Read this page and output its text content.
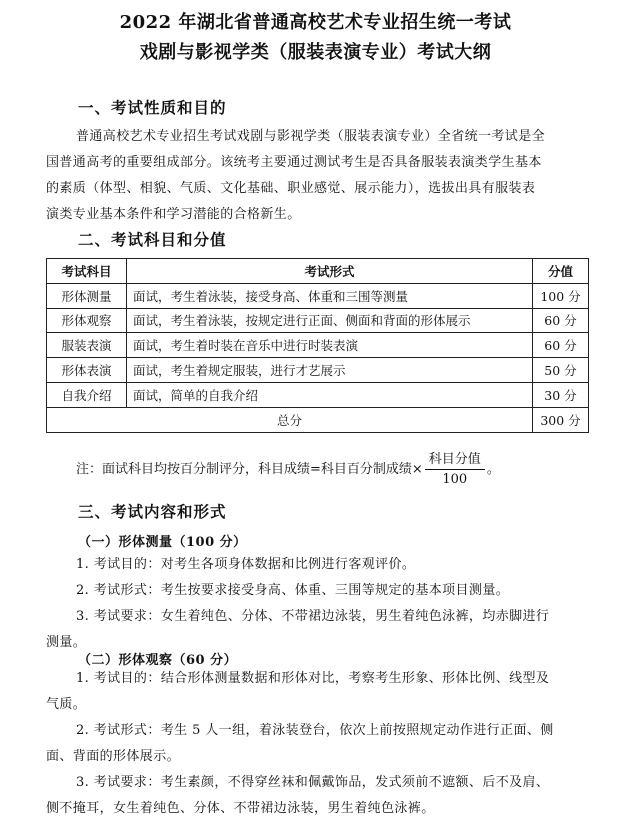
2022 年湖北省普通高校艺术专业招生统一考试
戏剧与影视学类（服装表演专业）考试大纲
一、考试性质和目的
普通高校艺术专业招生考试戏剧与影视学类（服装表演专业）全省统一考试是全
国普通高考的重要组成部分。该统考主要通过测试考生是否具备服装表演类学生基本
的素质（体型、相貌、气质、文化基础、职业感觉、展示能力），选拔出具有服装表
演类专业基本条件和学习潜能的合格新生。
二、考试科目和分值
考试科目	考试形式	分值
形体测量	面试，考生着泳装，接受身高、体重和三围等测量	100 分
形体观察	面试，考生着泳装，按规定进行正面、侧面和背面的形体展示	60 分
服装表演	面试，考生着时装在音乐中进行时装表演	60 分
形体表演	面试，考生着规定服装，进行才艺展示	50 分
自我介绍	面试，简单的自我介绍	30 分
总分		300 分
注：面试科目均按百分制评分，科目成绩=科目百分制成绩× $\frac{\text{科目分值}}{100}$ 。
三、考试内容和形式
（一）形体测量（100 分）
1. 考试目的：对考生各项身体数据和比例进行客观评价。
2. 考试形式：考生按要求接受身高、体重、三围等规定的基本项目测量。
3. 考试要求：女生着纯色、分体、不带裙边泳装，男生着纯色泳裤，均赤脚进行
测量。
（二）形体观察（60 分）
1. 考试目的：结合形体测量数据和形体对比，考察考生形象、形体比例、线型及
气质。
2. 考试形式：考生 5 人一组，着泳装登台，依次上前按照规定动作进行正面、侧
面、背面的形体展示。
3. 考试要求：考生素颜，不得穿丝袜和佩戴饰品，发式须前不遮额、后不及肩、
侧不掩耳，女生着纯色、分体、不带裙边泳装，男生着纯色泳裤。
